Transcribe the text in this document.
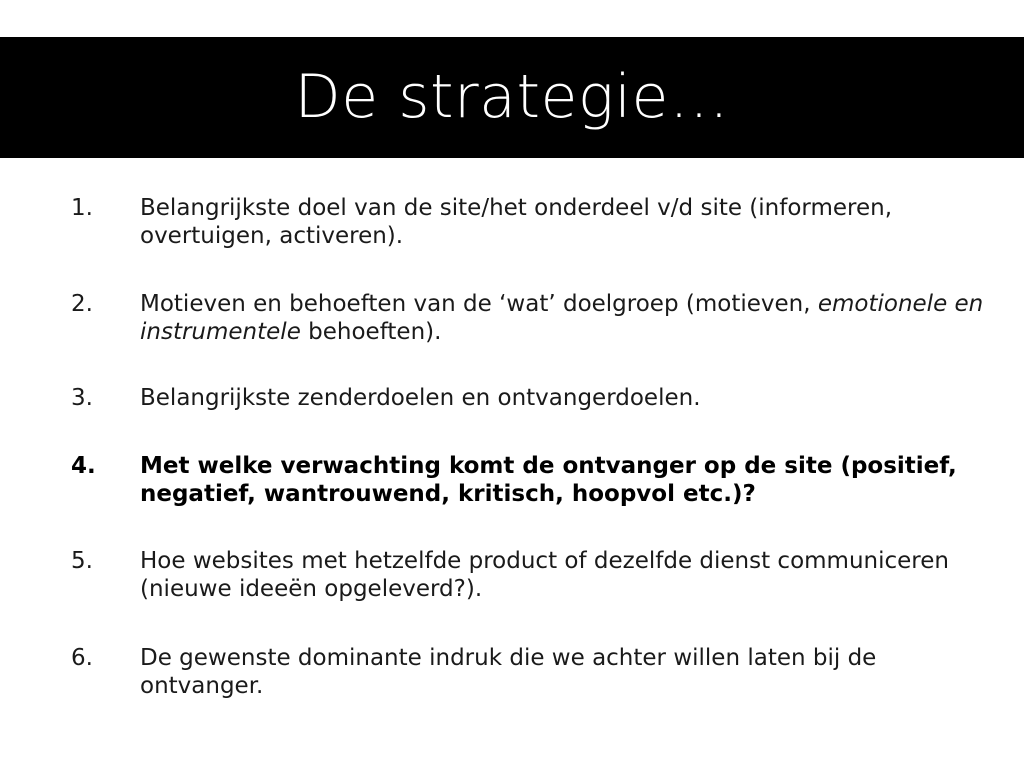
De strategie…
1. Belangrijkste doel van de site/het onderdeel v/d site (informeren, overtuigen, activeren).
2. Motieven en behoeften van de ‘wat’ doelgroep (motieven, emotionele en instrumentele behoeften).
3. Belangrijkste zenderdoelen en ontvangerdoelen.
4. Met welke verwachting komt de ontvanger op de site (positief, negatief, wantrouwend, kritisch, hoopvol etc.)?
5. Hoe websites met hetzelfde product of dezelfde dienst communiceren (nieuwe ideeën opgeleverd?).
6. De gewenste dominante indruk die we achter willen laten bij de ontvanger.
